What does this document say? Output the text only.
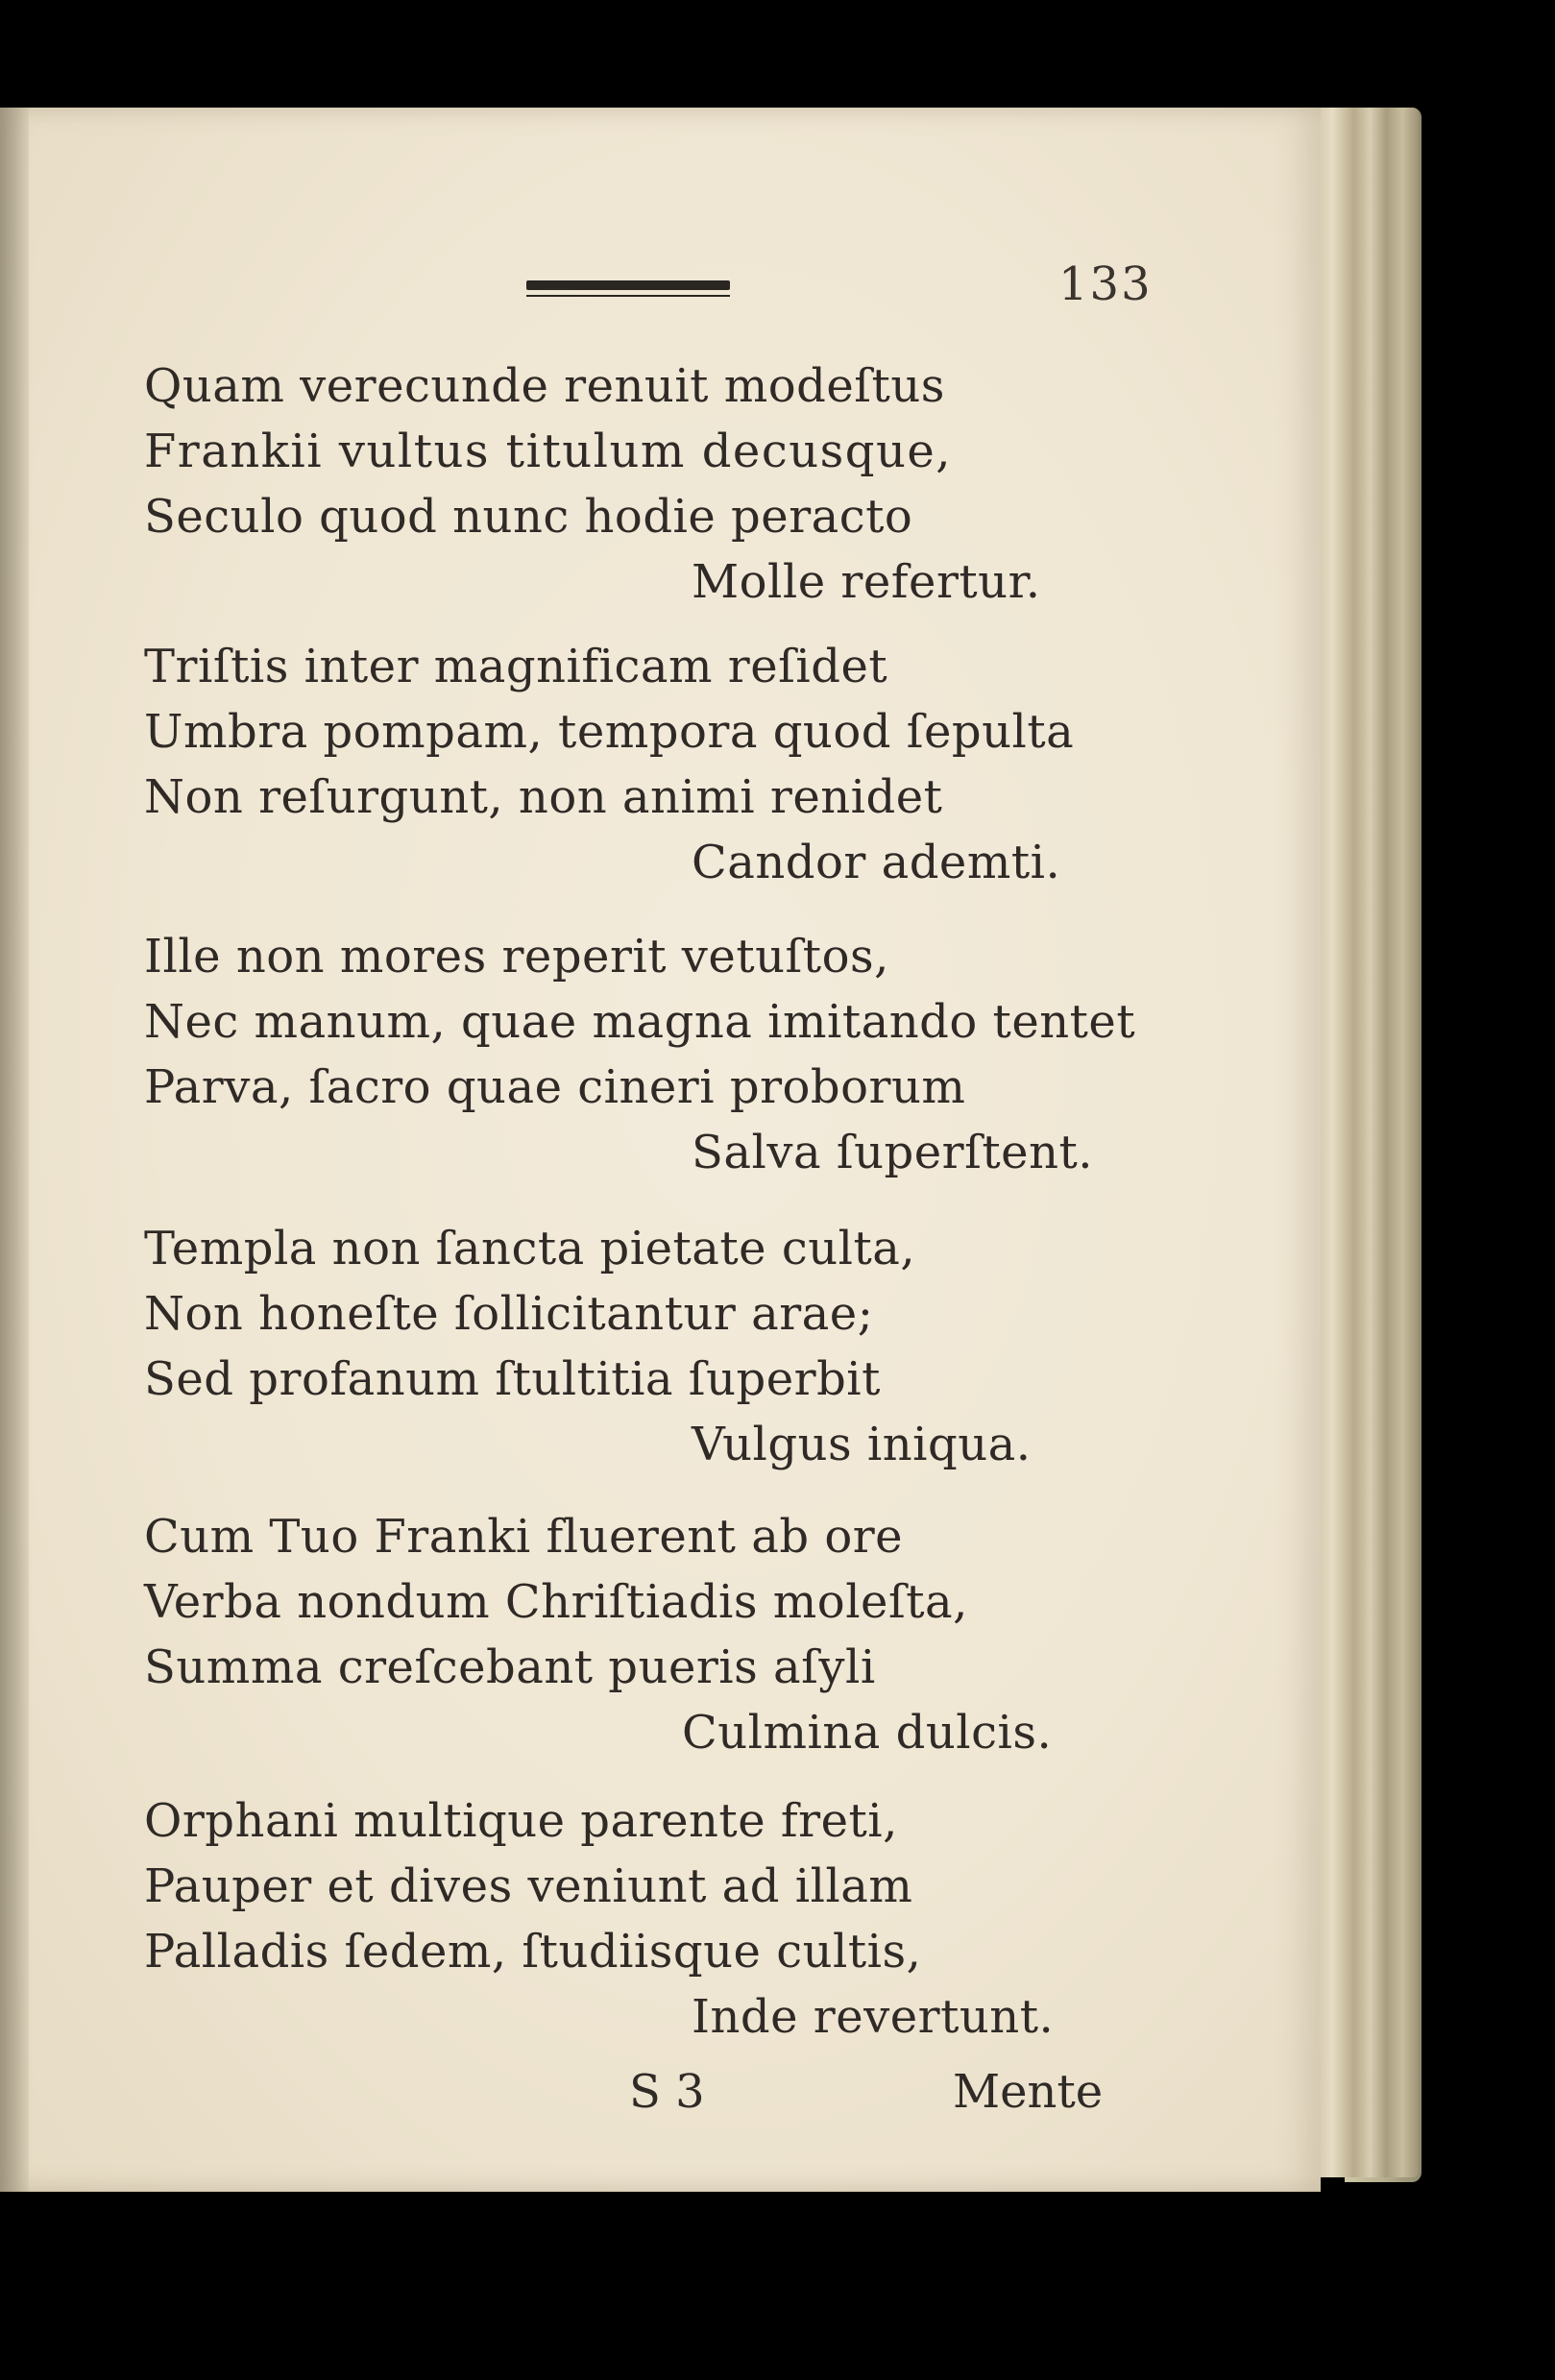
133
Quam verecunde renuit modeſtus
Frankii vultus titulum decusque,
Seculo quod nunc hodie peracto
Molle refertur.
Triſtis inter magnificam reſidet
Umbra pompam, tempora quod ſepulta
Non reſurgunt, non animi renidet
Candor ademti.
Ille non mores reperit vetuſtos,
Nec manum, quae magna imitando tentet
Parva, ſacro quae cineri proborum
Salva ſuperſtent.
Templa non ſancta pietate culta,
Non honeſte ſollicitantur arae;
Sed profanum ſtultitia ſuperbit
Vulgus iniqua.
Cum Tuo Franki fluerent ab ore
Verba nondum Chriſtiadis moleſta,
Summa creſcebant pueris aſyli
Culmina dulcis.
Orphani multique parente freti,
Pauper et dives veniunt ad illam
Palladis ſedem, ſtudiisque cultis,
Inde revertunt.
S 3	Mente
